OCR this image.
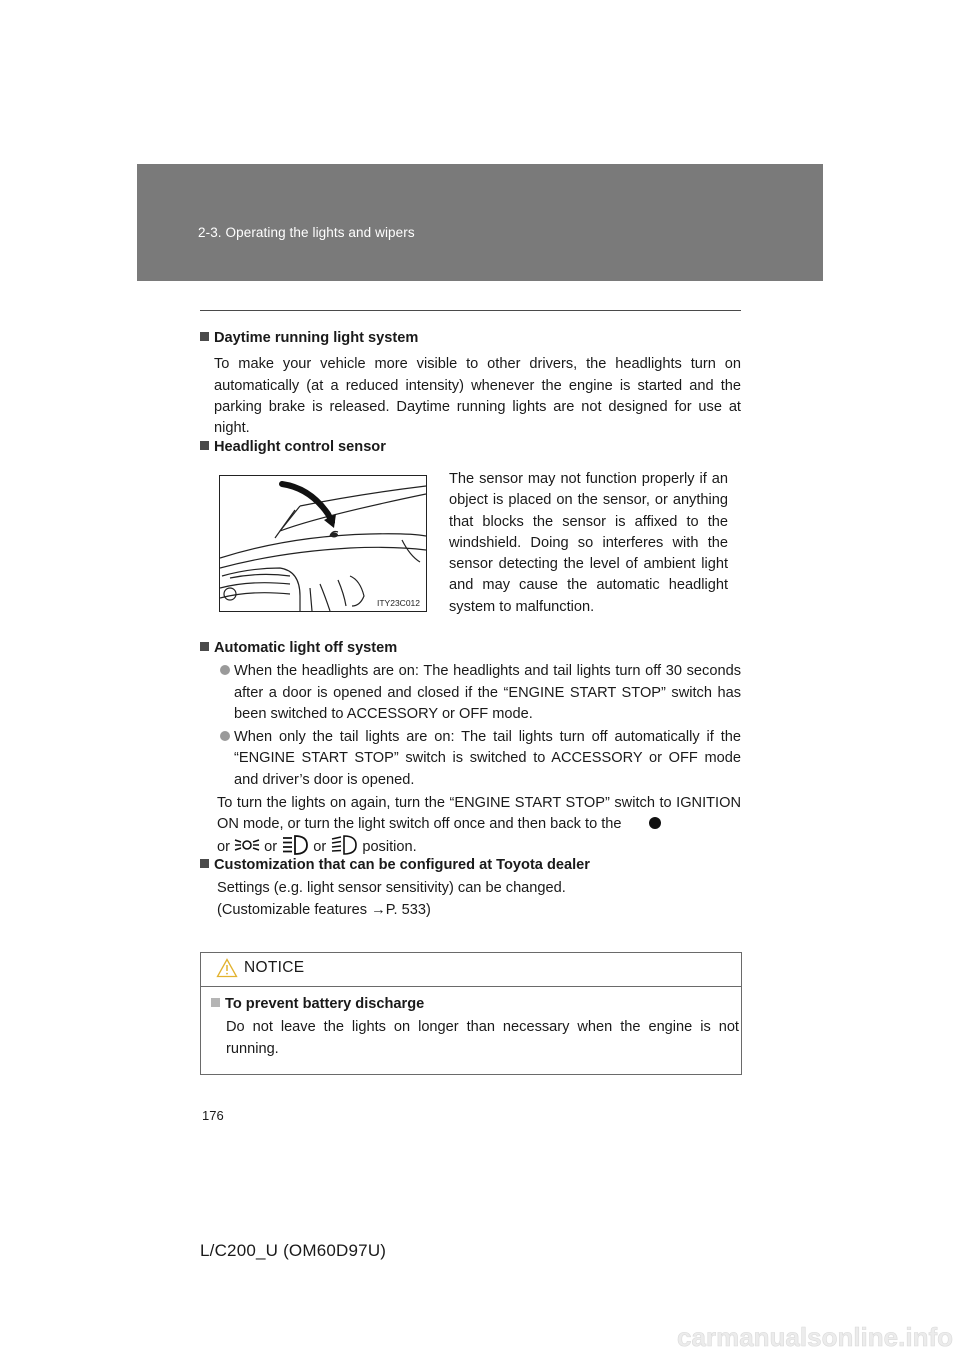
2-3. Operating the lights and wipers
Daytime running light system
To make your vehicle more visible to other drivers, the headlights turn on automatically (at a reduced intensity) whenever the engine is started and the parking brake is released. Daytime running lights are not designed for use at night.
Headlight control sensor
ITY23C012
The sensor may not function properly if an object is placed on the sensor, or anything that blocks the sensor is affixed to the windshield. Doing so interferes with the sensor detecting the level of ambient light and may cause the automatic headlight system to malfunction.
Automatic light off system
When the headlights are on: The headlights and tail lights turn off 30 seconds after a door is opened and closed if the “ENGINE START STOP” switch has been switched to ACCESSORY or OFF mode.
When only the tail lights are on: The tail lights turn off automatically if the “ENGINE START STOP” switch is switched to ACCESSORY or OFF mode and driver’s door is opened.
To turn the lights on again, turn the “ENGINE START STOP” switch to IGNITION ON mode, or turn the light switch off once and then back to the
or or or position.
Customization that can be configured at Toyota dealer
Settings (e.g. light sensor sensitivity) can be changed.
(Customizable features →P. 533)
NOTICE
To prevent battery discharge
Do not leave the lights on longer than necessary when the engine is not running.
176
L/C200_U (OM60D97U)
carmanualsonline.info
